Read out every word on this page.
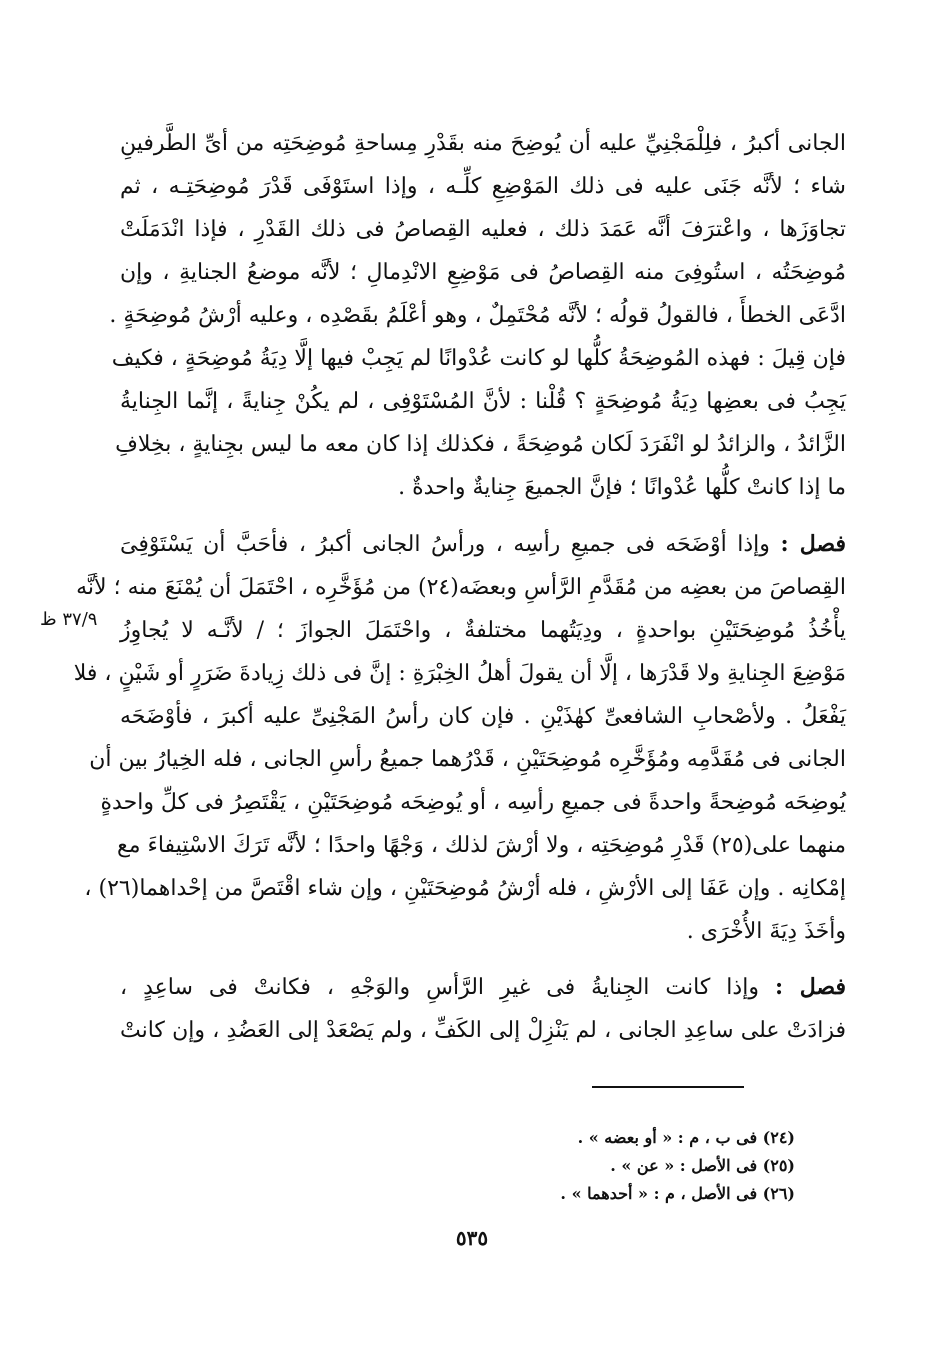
الجانى أكبرُ ، فلِلْمَجْنِيِّ عليه أن يُوضِحَ منه بقَدْرِ مِساحةِ مُوضِحَتِه من أىِّ الطَّرفينِ
شاء ؛ لأنَّه جَنَى عليه فى ذلك المَوْضِعِ كلِّـه ، وإذا استَوْفَى قَدْرَ مُوضِحَتِـه ، ثم
تجاوَزَها ، واعْترَفَ أنَّه عَمَدَ ذلك ، فعليه القِصاصُ فى ذلك القَدْرِ ، فإذا انْدَمَلَتْ
مُوضِحَتُه ، استُوفِىَ منه القِصاصُ فى مَوْضِعِ الانْدِمالِ ؛ لأنَّه موضعُ الجنايةِ ، وإن
ادَّعَى الخطأَ ، فالقولُ قولُه ؛ لأنَّه مُحْتَمِلٌ ، وهو أعْلَمُ بقَصْدِه ، وعليه أرْشُ مُوضِحَةٍ .
فإن قِيلَ : فهذه المُوضِحَةُ كلُّها لو كانت عُدْوانًا لم يَجِبْ فيها إلَّا دِيَةُ مُوضِحَةٍ ، فكيف
يَجِبُ فى بعضِها دِيَةُ مُوضِحَةٍ ؟ قُلْنا : لأنَّ المُسْتَوْفِى ، لم يكُنْ جِنايةً ، إنَّما الجِنايةُ
الزَّائدُ ، والزائدُ لو انْفَرَدَ لَكان مُوضِحَةً ، فكذلك إذا كان معه ما ليس بجِنايةٍ ، بخِلافِ
ما إذا كانتْ كلُّها عُدْوانًا ؛ فإنَّ الجميعَ جِنايةٌ واحدةٌ .
فصل : وإذا أوْضَحَه فى جميعِ رأسِه ، ورأسُ الجانى أكبرُ ، فأحَبَّ أن يَسْتَوْفِىَ
القِصاصَ من بعضِه من مُقَدَّمِ الرَّأسِ وبعضَه(٢٤) من مُؤَخَّرِه ، احْتَمَلَ أن يُمْنَعَ منه ؛ لأنَّه
يأْخُذُ مُوضِحَتَيْنِ بواحدةٍ ، ودِيَتُهما مختلفةٌ ، واحْتَمَلَ الجوازَ ؛ / لأنَّـه لا يُجاوِزُ
مَوْضِعَ الجِنايةِ ولا قَدْرَها ، إلَّا أن يقولَ أهلُ الخِبْرَةِ : إنَّ فى ذلك زِيادةَ ضَرَرٍ أو شَيْنٍ ، فلا
يَفْعَلُ . ولأصْحابِ الشافعىِّ كهٰذَيْنِ . فإن كان رأسُ المَجْنِىِّ عليه أكبرَ ، فأوْضَحَه
الجانى فى مُقَدَّمِه ومُؤَخَّرِه مُوضِحَتَيْنِ ، قَدْرُهما جميعُ رأسِ الجانى ، فله الخِيارُ بين أن
يُوضِحَه مُوضِحةً واحدةً فى جميعِ رأسِه ، أو يُوضِحَه مُوضِحَتَيْنِ ، يَقْتَصِرُ فى كلِّ واحدةٍ
منهما على(٢٥) قَدْرِ مُوضِحَتِه ، ولا أرْشَ لذلك ، وَجْهًا واحدًا ؛ لأنَّه تَرَكَ الاسْتِيفاءَ مع
إمْكانِه . وإن عَفَا إلى الأرْشِ ، فله أرْشُ مُوضِحَتَيْنِ ، وإن شاء اقْتَصَّ من إحْداهما(٢٦) ،
وأخَذَ دِيَةَ الأُخْرَى .
فصل : وإذا كانت الجِنايةُ فى غيرِ الرَّأسِ والوَجْهِ ، فكانتْ فى ساعِدٍ ،
فزادَتْ على ساعِدِ الجانى ، لم يَنْزِلْ إلى الكَفِّ ، ولم يَصْعَدْ إلى العَضُدِ ، وإن كانتْ
٣٧/٩ ظ
(٢٤) فى ب ، م : « أو بعضه » .
(٢٥) فى الأصل : « عن » .
(٢٦) فى الأصل ، م : « أحدهما » .
٥٣٥
